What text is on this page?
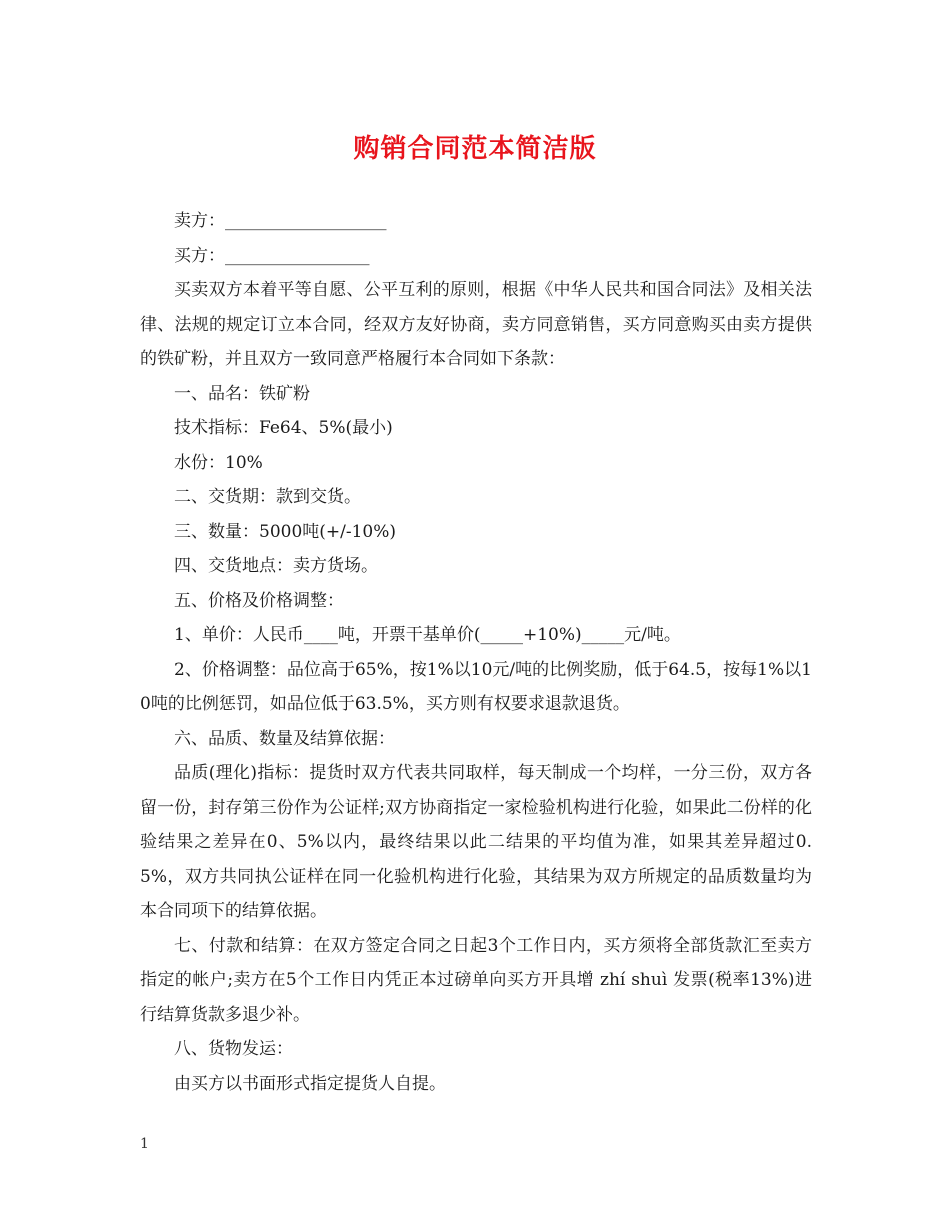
购销合同范本简洁版

卖方：___________________

买方：_________________

买卖双方本着平等自愿、公平互利的原则，根据《中华人民共和国合同法》及相关法律、法规的规定订立本合同，经双方友好协商，卖方同意销售，买方同意购买由卖方提供的铁矿粉，并且双方一致同意严格履行本合同如下条款：

一、品名：铁矿粉

技术指标：Fe64、5%(最小)

水份：10%

二、交货期：款到交货。

三、数量：5000吨(+/-10%)

四、交货地点：卖方货场。

五、价格及价格调整：

1、单价：人民币____吨，开票干基单价(_____+10%)_____元/吨。

2、价格调整：品位高于65%，按1%以10元/吨的比例奖励，低于64.5，按每1%以10吨的比例惩罚，如品位低于63.5%，买方则有权要求退款退货。

六、品质、数量及结算依据：

品质(理化)指标：提货时双方代表共同取样，每天制成一个均样，一分三份，双方各留一份，封存第三份作为公证样;双方协商指定一家检验机构进行化验，如果此二份样的化验结果之差异在0、5%以内，最终结果以此二结果的平均值为准，如果其差异超过0.5%，双方共同执公证样在同一化验机构进行化验，其结果为双方所规定的品质数量均为本合同项下的结算依据。

七、付款和结算：在双方签定合同之日起3个工作日内，买方须将全部货款汇至卖方指定的帐户;卖方在5个工作日内凭正本过磅单向买方开具增 zhí shuì 发票(税率13%)进行结算货款多退少补。

八、货物发运：

由买方以书面形式指定提货人自提。

1
